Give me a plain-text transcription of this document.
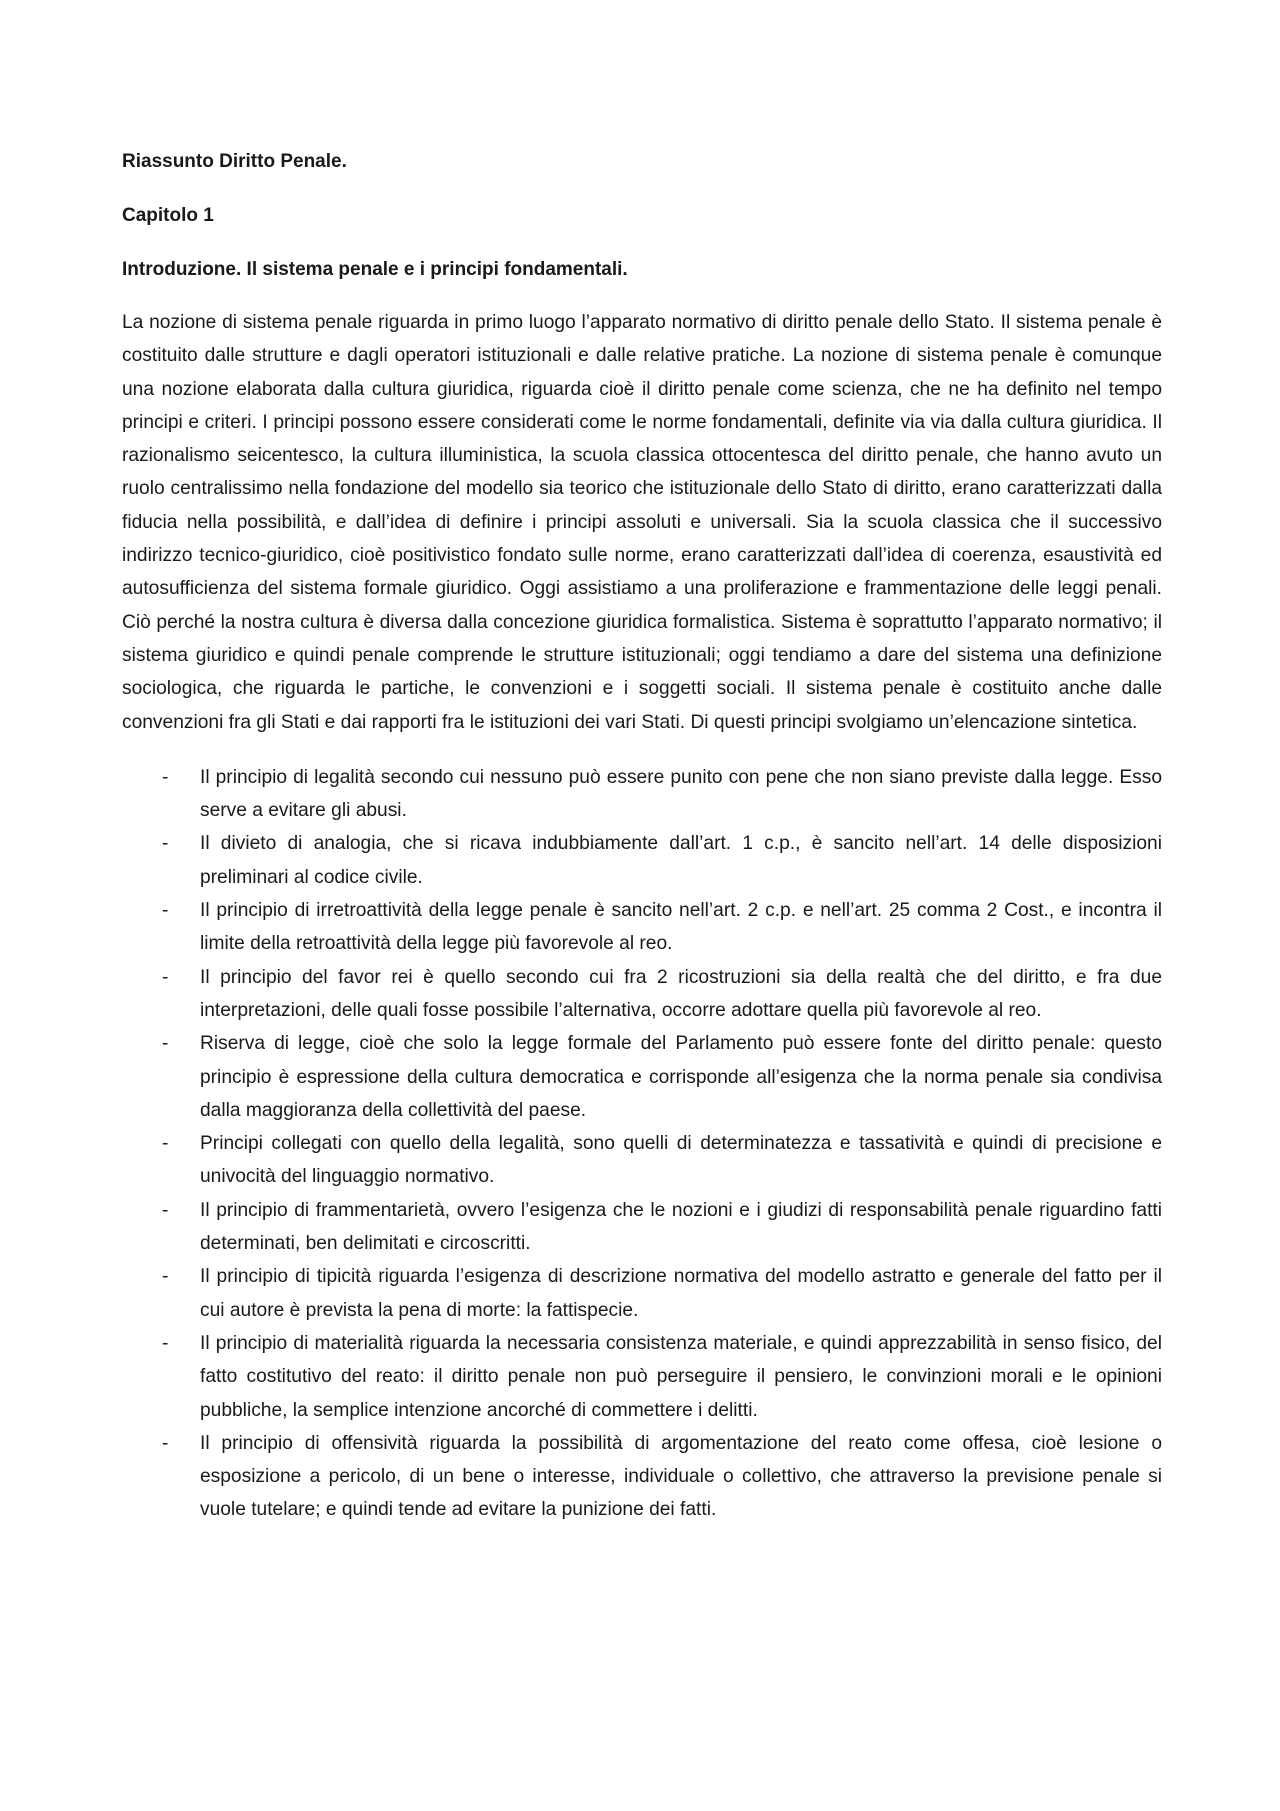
Riassunto Diritto Penale.
Capitolo 1
Introduzione. Il sistema penale e i principi fondamentali.

La nozione di sistema penale riguarda in primo luogo l’apparato normativo di diritto penale dello Stato. Il sistema penale è costituito dalle strutture e dagli operatori istituzionali e dalle relative pratiche. La nozione di sistema penale è comunque una nozione elaborata dalla cultura giuridica, riguarda cioè il diritto penale come scienza, che ne ha definito nel tempo principi e criteri. I principi possono essere considerati come le norme fondamentali, definite via via dalla cultura giuridica. Il razionalismo seicentesco, la cultura illuministica, la scuola classica ottocentesca del diritto penale, che hanno avuto un ruolo centralissimo nella fondazione del modello sia teorico che istituzionale dello Stato di diritto, erano caratterizzati dalla fiducia nella possibilità, e dall’idea di definire i principi assoluti e universali. Sia la scuola classica che il successivo indirizzo tecnico-giuridico, cioè positivistico fondato sulle norme, erano caratterizzati dall’idea di coerenza, esaustività ed autosufficienza del sistema formale giuridico. Oggi assistiamo a una proliferazione e frammentazione delle leggi penali. Ciò perché la nostra cultura è diversa dalla concezione giuridica formalistica. Sistema è soprattutto l’apparato normativo; il sistema giuridico e quindi penale comprende le strutture istituzionali; oggi tendiamo a dare del sistema una definizione sociologica, che riguarda le partiche, le convenzioni e i soggetti sociali. Il sistema penale è costituito anche dalle convenzioni fra gli Stati e dai rapporti fra le istituzioni dei vari Stati. Di questi principi svolgiamo un’elencazione sintetica.

- Il principio di legalità secondo cui nessuno può essere punito con pene che non siano previste dalla legge. Esso serve a evitare gli abusi.
- Il divieto di analogia, che si ricava indubbiamente dall’art. 1 c.p., è sancito nell’art. 14 delle disposizioni preliminari al codice civile.
- Il principio di irretroattività della legge penale è sancito nell’art. 2 c.p. e nell’art. 25 comma 2 Cost., e incontra il limite della retroattività della legge più favorevole al reo.
- Il principio del favor rei è quello secondo cui fra 2 ricostruzioni sia della realtà che del diritto, e fra due interpretazioni, delle quali fosse possibile l’alternativa, occorre adottare quella più favorevole al reo.
- Riserva di legge, cioè che solo la legge formale del Parlamento può essere fonte del diritto penale: questo principio è espressione della cultura democratica e corrisponde all’esigenza che la norma penale sia condivisa dalla maggioranza della collettività del paese.
- Principi collegati con quello della legalità, sono quelli di determinatezza e tassatività e quindi di precisione e univocità del linguaggio normativo.
- Il principio di frammentarietà, ovvero l’esigenza che le nozioni e i giudizi di responsabilità penale riguardino fatti determinati, ben delimitati e circoscritti.
- Il principio di tipicità riguarda l’esigenza di descrizione normativa del modello astratto e generale del fatto per il cui autore è prevista la pena di morte: la fattispecie.
- Il principio di materialità riguarda la necessaria consistenza materiale, e quindi apprezzabilità in senso fisico, del fatto costitutivo del reato: il diritto penale non può perseguire il pensiero, le convinzioni morali e le opinioni pubbliche, la semplice intenzione ancorché di commettere i delitti.
- Il principio di offensività riguarda la possibilità di argomentazione del reato come offesa, cioè lesione o esposizione a pericolo, di un bene o interesse, individuale o collettivo, che attraverso la previsione penale si vuole tutelare; e quindi tende ad evitare la punizione dei fatti.
